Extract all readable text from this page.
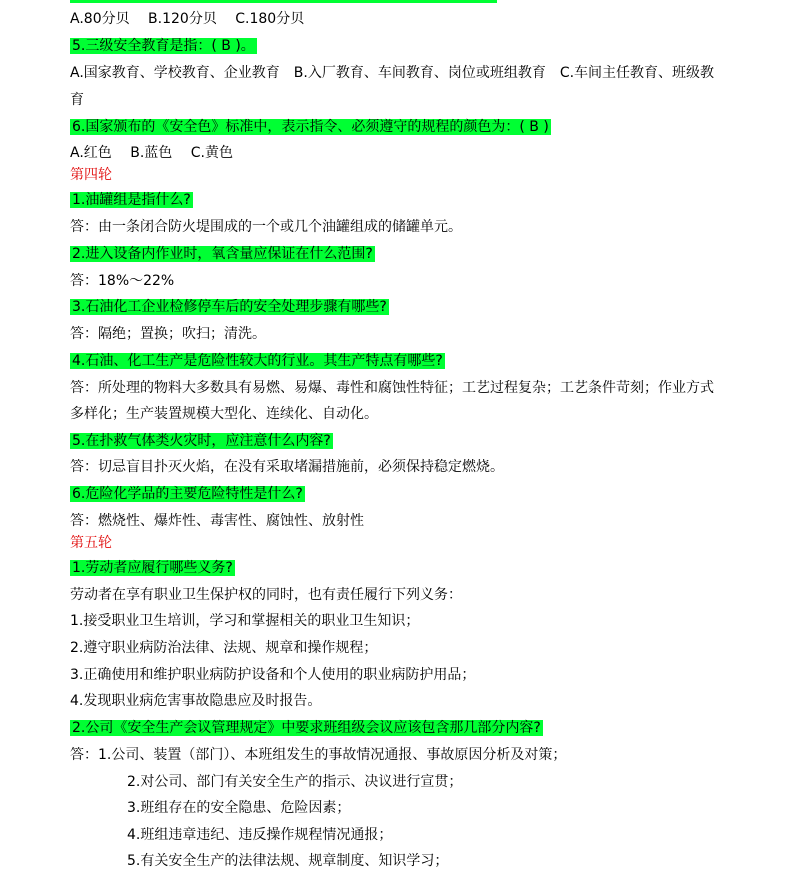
A.80分贝　 B.120分贝　 C.180分贝
5.三级安全教育是指：( B )。
A.国家教育、学校教育、企业教育　B.入厂教育、车间教育、岗位或班组教育　C.车间主任教育、班级教
育
6.国家颁布的《安全色》标准中，表示指令、必须遵守的规程的颜色为：( B )
A.红色　 B.蓝色　 C.黄色
第四轮
1.油罐组是指什么?
答：由一条闭合防火堤围成的一个或几个油罐组成的储罐单元。
2.进入设备内作业时，氧含量应保证在什么范围?
答：18%～22%
3.石油化工企业检修停车后的安全处理步骤有哪些?
答：隔绝；置换；吹扫；清洗。
4.石油、化工生产是危险性较大的行业。其生产特点有哪些?
答：所处理的物料大多数具有易燃、易爆、毒性和腐蚀性特征；工艺过程复杂；工艺条件苛刻；作业方式
多样化；生产装置规模大型化、连续化、自动化。
5.在扑救气体类火灾时，应注意什么内容?
答：切忌盲目扑灭火焰，在没有采取堵漏措施前，必须保持稳定燃烧。
6.危险化学品的主要危险特性是什么?
答：燃烧性、爆炸性、毒害性、腐蚀性、放射性
第五轮
1.劳动者应履行哪些义务?
劳动者在享有职业卫生保护权的同时，也有责任履行下列义务：
1.接受职业卫生培训，学习和掌握相关的职业卫生知识；
2.遵守职业病防治法律、法规、规章和操作规程；
3.正确使用和维护职业病防护设备和个人使用的职业病防护用品；
4.发现职业病危害事故隐患应及时报告。
2.公司《安全生产会议管理规定》中要求班组级会议应该包含那几部分内容?
答：1.公司、装置（部门）、本班组发生的事故情况通报、事故原因分析及对策；
2.对公司、部门有关安全生产的指示、决议进行宣贯；
3.班组存在的安全隐患、危险因素；
4.班组违章违纪、违反操作规程情况通报；
5.有关安全生产的法律法规、规章制度、知识学习；
